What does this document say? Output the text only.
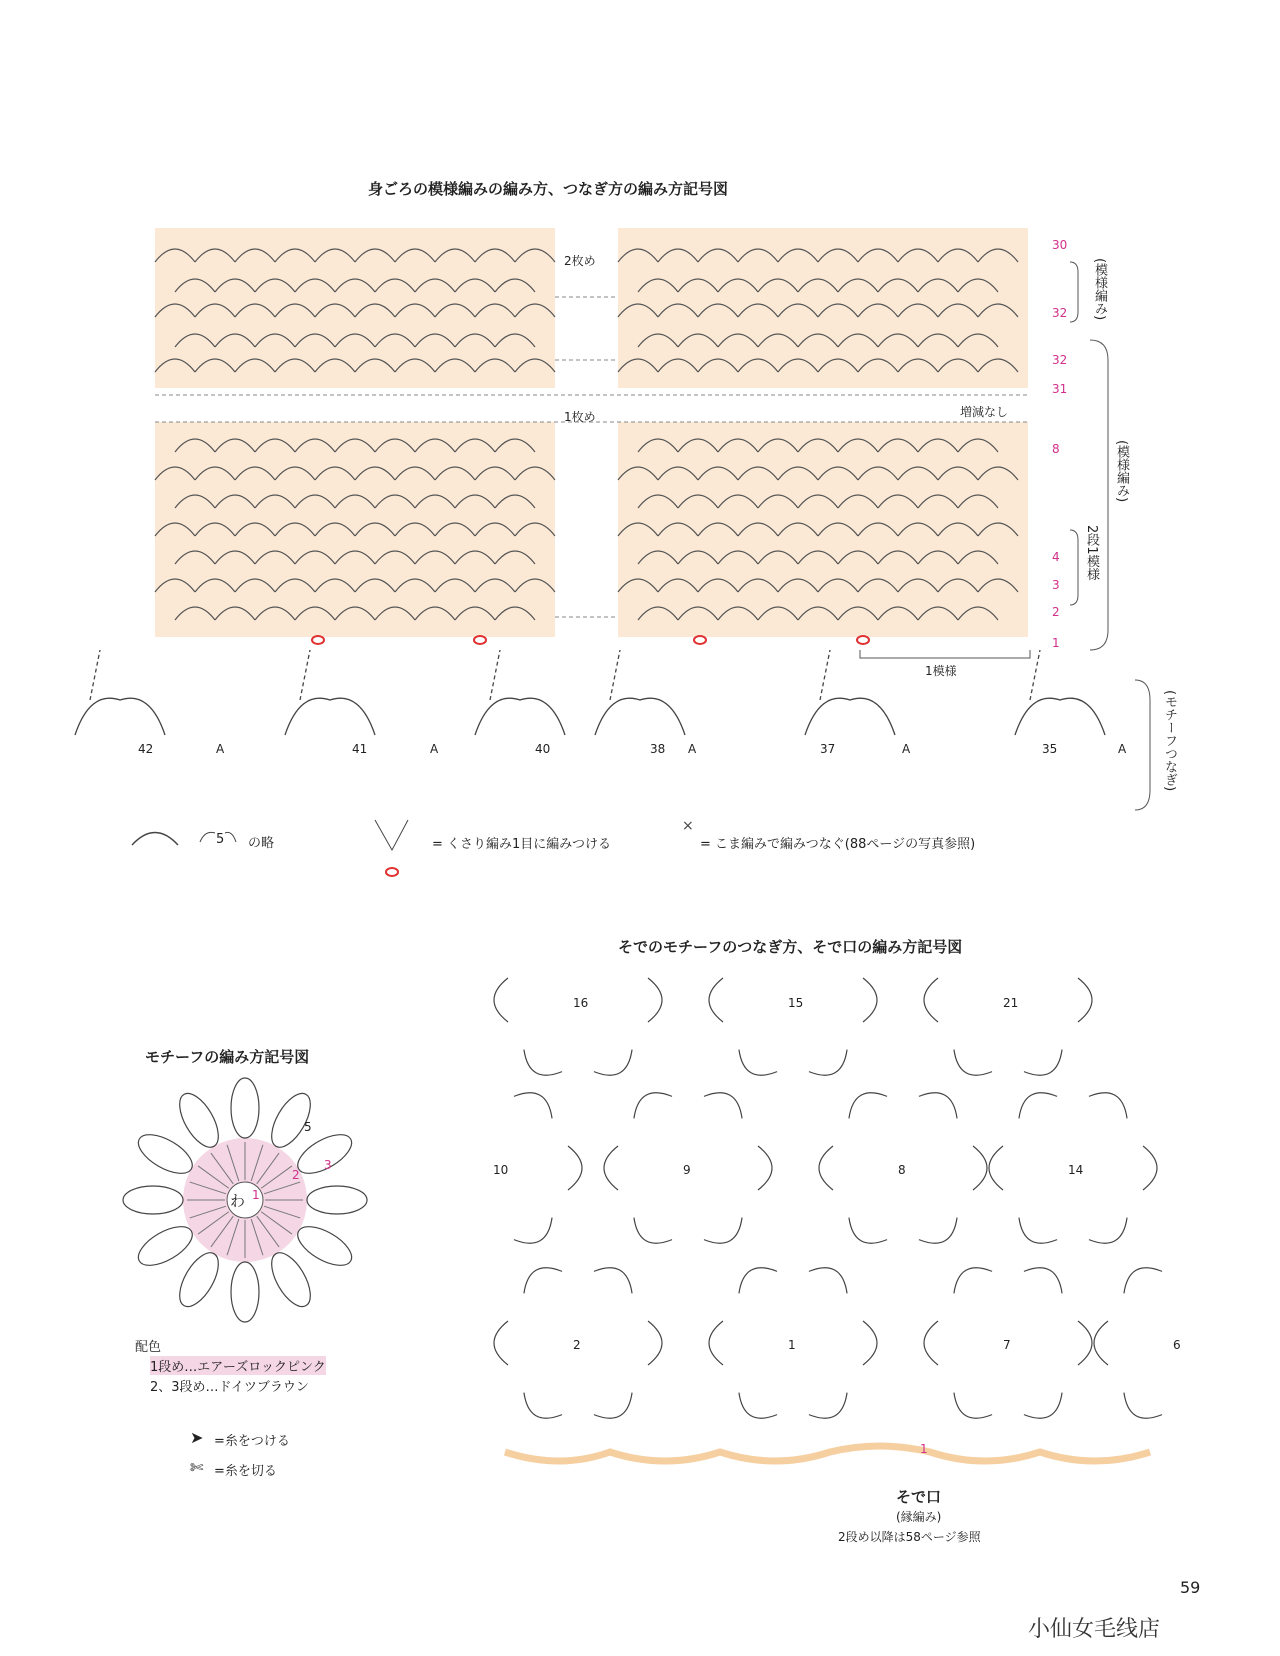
身ごろの模様編みの編み方、つなぎ方の編み方記号図
2枚め
1枚め	増減なし
1模様
30
32
32
31
8
4
3
2
1
(模様編み)
(模様編み)
2段1模様
(モチーフつなぎ)
42	41	40	38	37	35
A	A	A	A	A
×
5 の略	= くさり編み1目に編みつける	= こま編みで編みつなぐ(88ページの写真参照)
モチーフの編み方記号図
わ 1
2
3
5
配色
1段め…エアーズロックピンク
2、3段め…ドイツブラウン
➤ =糸をつける
✄ =糸を切る
そでのモチーフのつなぎ方、そで口の編み方記号図
16	15	21
10	9	8	14
2	1	7	6
1
そで口
(縁編み)
2段め以降は58ページ参照
59
小仙女毛线店
